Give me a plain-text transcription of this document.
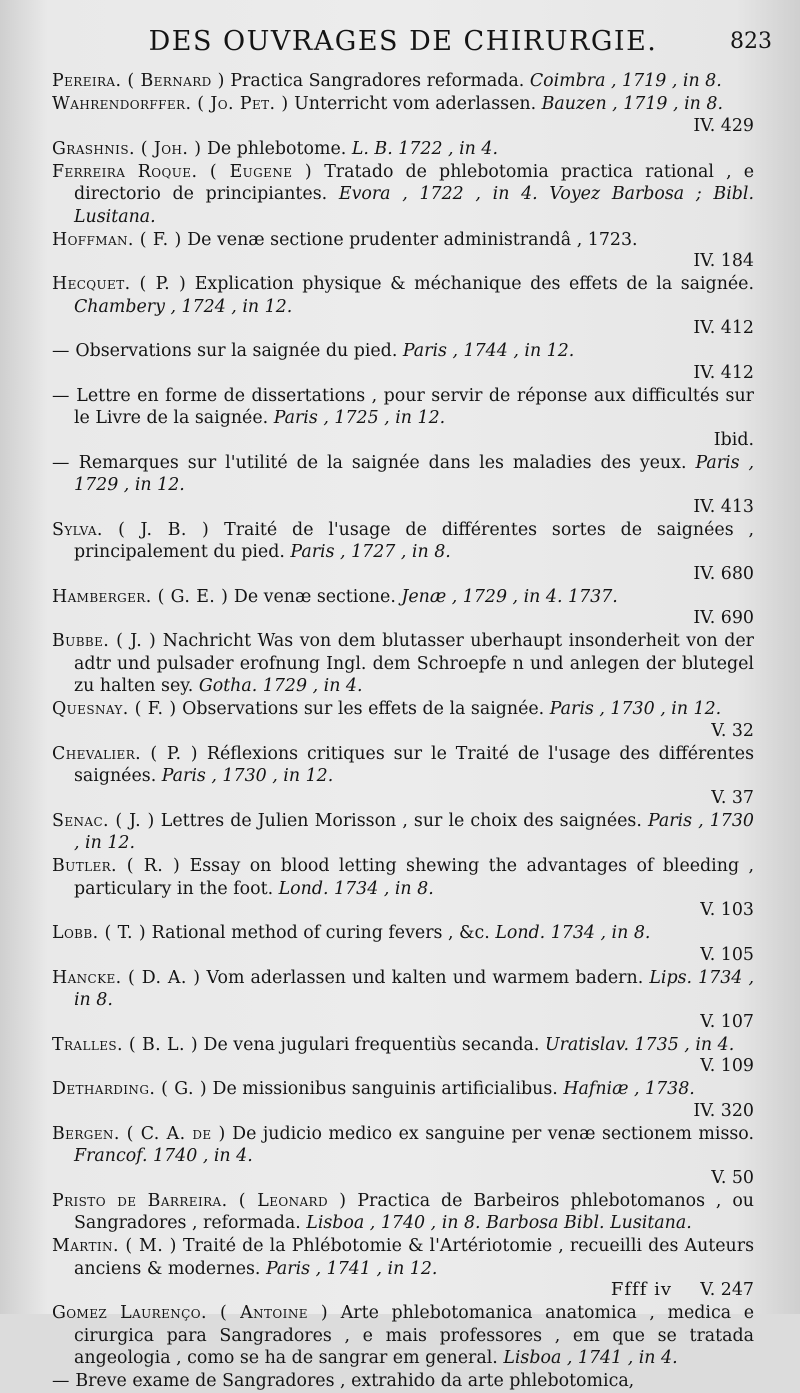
DES OUVRAGES DE CHIRURGIE.	823
Pereira. ( Bernard ) Practica Sangradores reformada. Coimbra , 1719 , in 8.
Wahrendorffer. ( Jo. Pet. ) Unterricht vom aderlassen. Bauzen , 1719 , in 8.
IV. 429
Grashnis. ( Joh. ) De phlebotome. L. B. 1722 , in 4.
Ferreira Roque. ( Eugene ) Tratado de phlebotomia practica rational , e directorio de principiantes. Evora , 1722 , in 4. Voyez Barbosa ; Bibl. Lusitana.
Hoffman. ( F. ) De venæ sectione prudenter administrandâ , 1723.
IV. 184
Hecquet. ( P. ) Explication physique & méchanique des effets de la saignée. Chambery , 1724 , in 12.
IV. 412
— Observations sur la saignée du pied. Paris , 1744 , in 12.
IV. 412
— Lettre en forme de dissertations , pour servir de réponse aux difficultés sur le Livre de la saignée. Paris , 1725 , in 12.
Ibid.
— Remarques sur l'utilité de la saignée dans les maladies des yeux. Paris , 1729 , in 12.
IV. 413
Sylva. ( J. B. ) Traité de l'usage de différentes sortes de saignées , principalement du pied. Paris , 1727 , in 8.
IV. 680
Hamberger. ( G. E. ) De venæ sectione. Jenæ , 1729 , in 4. 1737.
IV. 690
Bubbe. ( J. ) Nachricht Was von dem blutasser uberhaupt insonderheit von der adtr und pulsader erofnung Ingl. dem Schroepfe n und anlegen der blutegel zu halten sey. Gotha. 1729 , in 4.
Quesnay. ( F. ) Observations sur les effets de la saignée. Paris , 1730 , in 12.
V. 32
Chevalier. ( P. ) Réflexions critiques sur le Traité de l'usage des différentes saignées. Paris , 1730 , in 12.
V. 37
Senac. ( J. ) Lettres de Julien Morisson , sur le choix des saignées. Paris , 1730 , in 12.
Butler. ( R. ) Essay on blood letting shewing the advantages of bleeding , particulary in the foot. Lond. 1734 , in 8.
V. 103
Lobb. ( T. ) Rational method of curing fevers , &c. Lond. 1734 , in 8.
V. 105
Hancke. ( D. A. ) Vom aderlassen und kalten und warmem badern. Lips. 1734 , in 8.
V. 107
Tralles. ( B. L. ) De vena jugulari frequentiùs secanda. Uratislav. 1735 , in 4.
V. 109
Detharding. ( G. ) De missionibus sanguinis artificialibus. Hafniæ , 1738.
IV. 320
Bergen. ( C. A. de ) De judicio medico ex sanguine per venæ sectionem misso. Francof. 1740 , in 4.
V. 50
Pristo de Barreira. ( Leonard ) Practica de Barbeiros phlebotomanos , ou Sangradores , reformada. Lisboa , 1740 , in 8. Barbosa Bibl. Lusitana.
Martin. ( M. ) Traité de la Phlébotomie & l'Artériotomie , recueilli des Auteurs anciens & modernes. Paris , 1741 , in 12.
V. 247
Gomez Laurenço. ( Antoine ) Arte phlebotomanica anatomica , medica e cirurgica para Sangradores , e mais professores , em que se tratada angeologia , como se ha de sangrar em general. Lisboa , 1741 , in 4.
— Breve exame de Sangradores , extrahido da arte phlebotomica,
Ffff iv
